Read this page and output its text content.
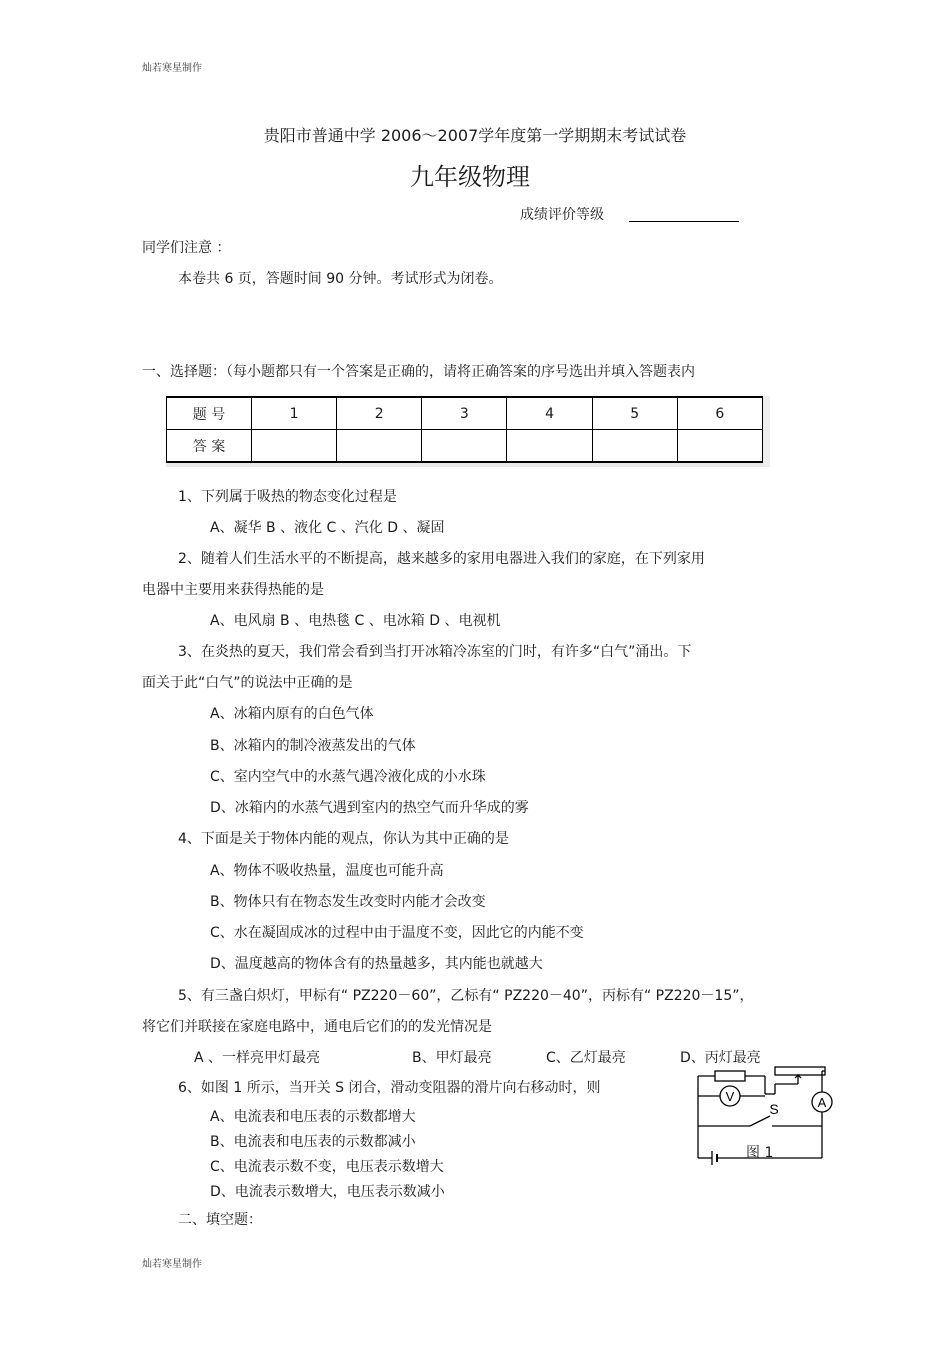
灿若寒星制作
贵阳市普通中学 2006～2007学年度第一学期期末考试试卷
九年级物理
成绩评价等级
同学们注意 ：
本卷共 6 页，答题时间 90 分钟。考试形式为闭卷。
一、选择题：（每小题都只有一个答案是正确的，请将正确答案的序号选出并填入答题表内
题 号	1	2	3	4	5	6
答 案						
1、下列属于吸热的物态变化过程是
A、凝华 B 、液化 C 、汽化 D 、凝固
2、随着人们生活水平的不断提高，越来越多的家用电器进入我们的家庭，在下列家用
电器中主要用来获得热能的是
A、电风扇 B 、电热毯 C 、电冰箱 D 、电视机
3、在炎热的夏天，我们常会看到当打开冰箱冷冻室的门时，有许多“白气”涌出。下
面关于此“白气”的说法中正确的是
A、冰箱内原有的白色气体
B、冰箱内的制冷液蒸发出的气体
C、室内空气中的水蒸气遇冷液化成的小水珠
D、冰箱内的水蒸气遇到室内的热空气而升华成的雾
4、下面是关于物体内能的观点，你认为其中正确的是
A、物体不吸收热量，温度也可能升高
B、物体只有在物态发生改变时内能才会改变
C、水在凝固成冰的过程中由于温度不变，因此它的内能不变
D、温度越高的物体含有的热量越多，其内能也就越大
5、有三盏白炽灯，甲标有“ PZ220－60”，乙标有“ PZ220－40”，丙标有“ PZ220－15”，
将它们并联接在家庭电路中，通电后它们的的发光情况是
A 、一样亮甲灯最亮	B、甲灯最亮	C、乙灯最亮	D、丙灯最亮
6、如图 1 所示，当开关 S 闭合，滑动变阻器的滑片向右移动时，则
A、电流表和电压表的示数都增大
B、电流表和电压表的示数都减小
C、电流表示数不变，电压表示数增大
D、电流表示数增大，电压表示数减小
V	A
S
图 1
二、填空题：
灿若寒星制作
